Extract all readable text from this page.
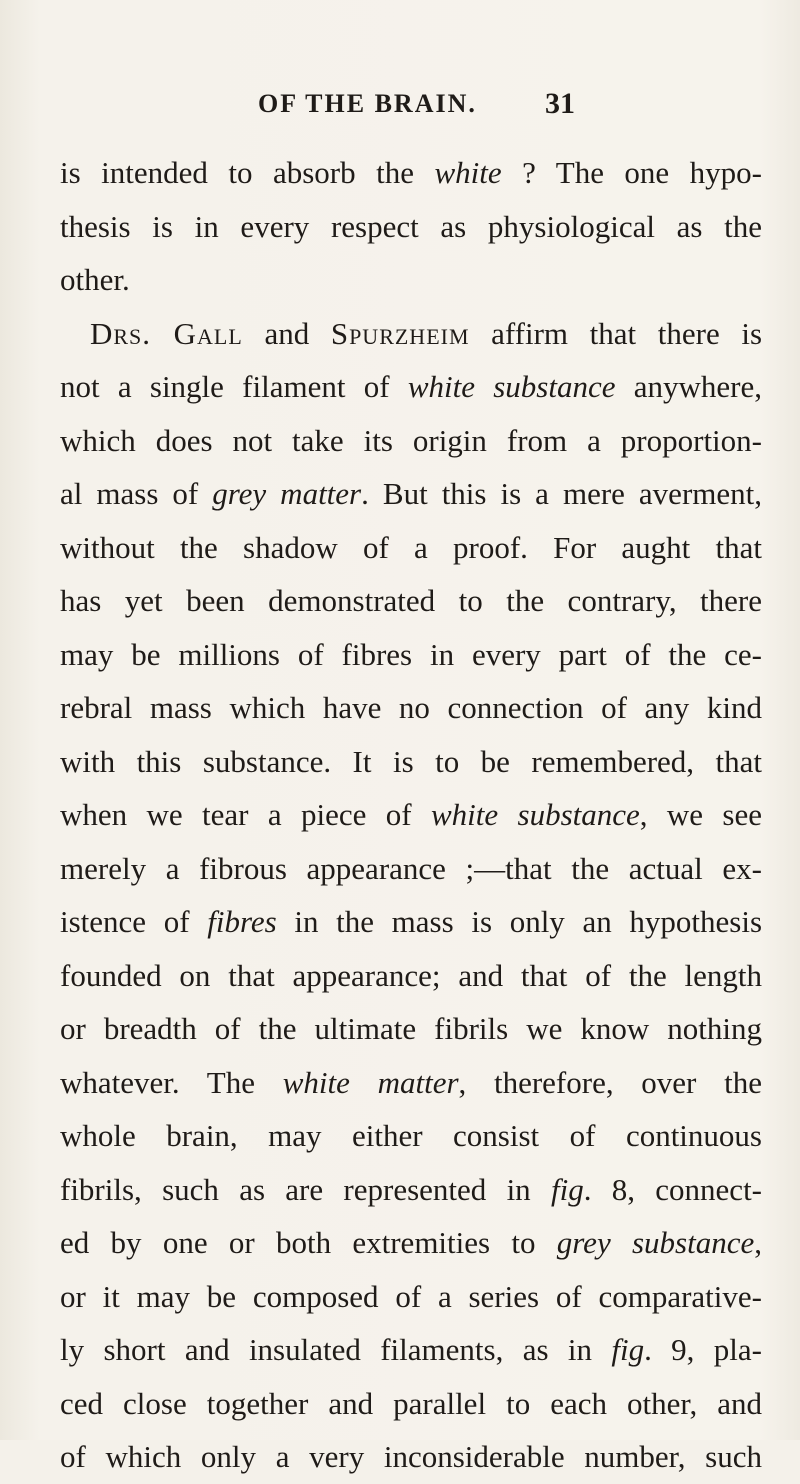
OF THE BRAIN. 31
is intended to absorb the white ? The one hypo-
thesis is in every respect as physiological as the
other.
Drs. Gall and Spurzheim affirm that there is
not a single filament of white substance anywhere,
which does not take its origin from a proportion-
al mass of grey matter. But this is a mere averment,
without the shadow of a proof. For aught that
has yet been demonstrated to the contrary, there
may be millions of fibres in every part of the ce-
rebral mass which have no connection of any kind
with this substance. It is to be remembered, that
when we tear a piece of white substance, we see
merely a fibrous appearance ;—that the actual ex-
istence of fibres in the mass is only an hypothesis
founded on that appearance; and that of the length
or breadth of the ultimate fibrils we know nothing
whatever. The white matter, therefore, over the
whole brain, may either consist of continuous
fibrils, such as are represented in fig. 8, connect-
ed by one or both extremities to grey substance,
or it may be composed of a series of comparative-
ly short and insulated filaments, as in fig. 9, pla-
ced close together and parallel to each other, and
of which only a very inconsiderable number, such
